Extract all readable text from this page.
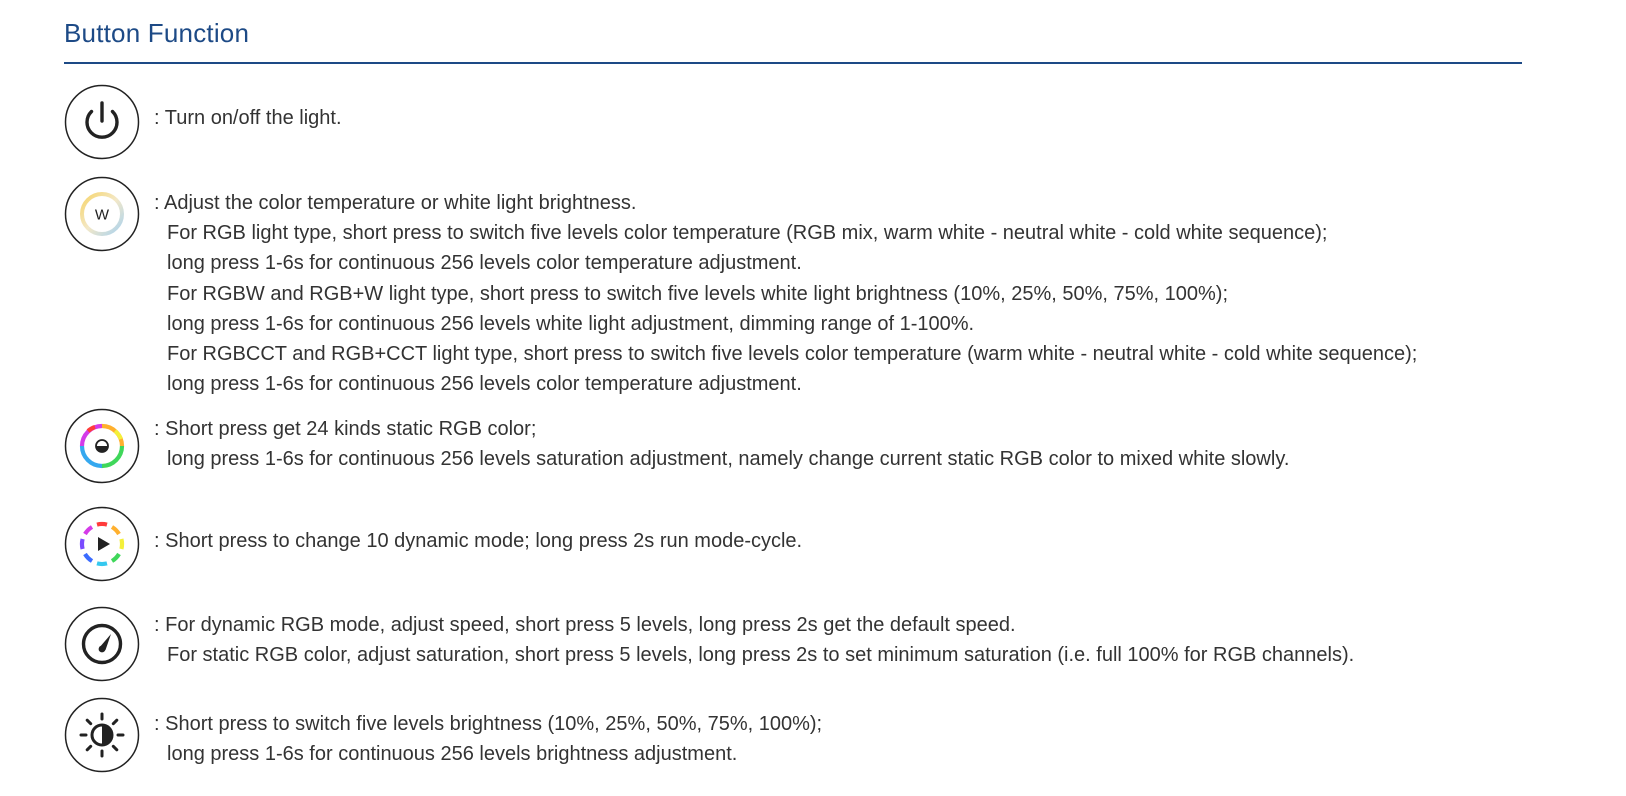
Button Function
: Turn on/off the light.
W
: Adjust the color temperature or white light brightness.
For RGB light type, short press to switch five levels color temperature (RGB mix, warm white - neutral white - cold white sequence);
long press 1-6s for continuous 256 levels color temperature adjustment.
For RGBW and RGB+W light type, short press to switch five levels white light brightness (10%, 25%, 50%, 75%, 100%);
long press 1-6s for continuous 256 levels white light adjustment, dimming range of 1-100%.
For RGBCCT and RGB+CCT light type, short press to switch five levels color temperature (warm white - neutral white - cold white sequence);
long press 1-6s for continuous 256 levels color temperature adjustment.
: Short press get 24 kinds static RGB color;
long press 1-6s for continuous 256 levels saturation adjustment, namely change current static RGB color to mixed white slowly.
: Short press to change 10 dynamic mode; long press 2s run mode-cycle.
: For dynamic RGB mode, adjust speed, short press 5 levels, long press 2s get the default speed.
For static RGB color, adjust saturation, short press 5 levels, long press 2s to set minimum saturation (i.e. full 100% for RGB channels).
: Short press to switch five levels brightness (10%, 25%, 50%, 75%, 100%);
long press 1-6s for continuous 256 levels brightness adjustment.
